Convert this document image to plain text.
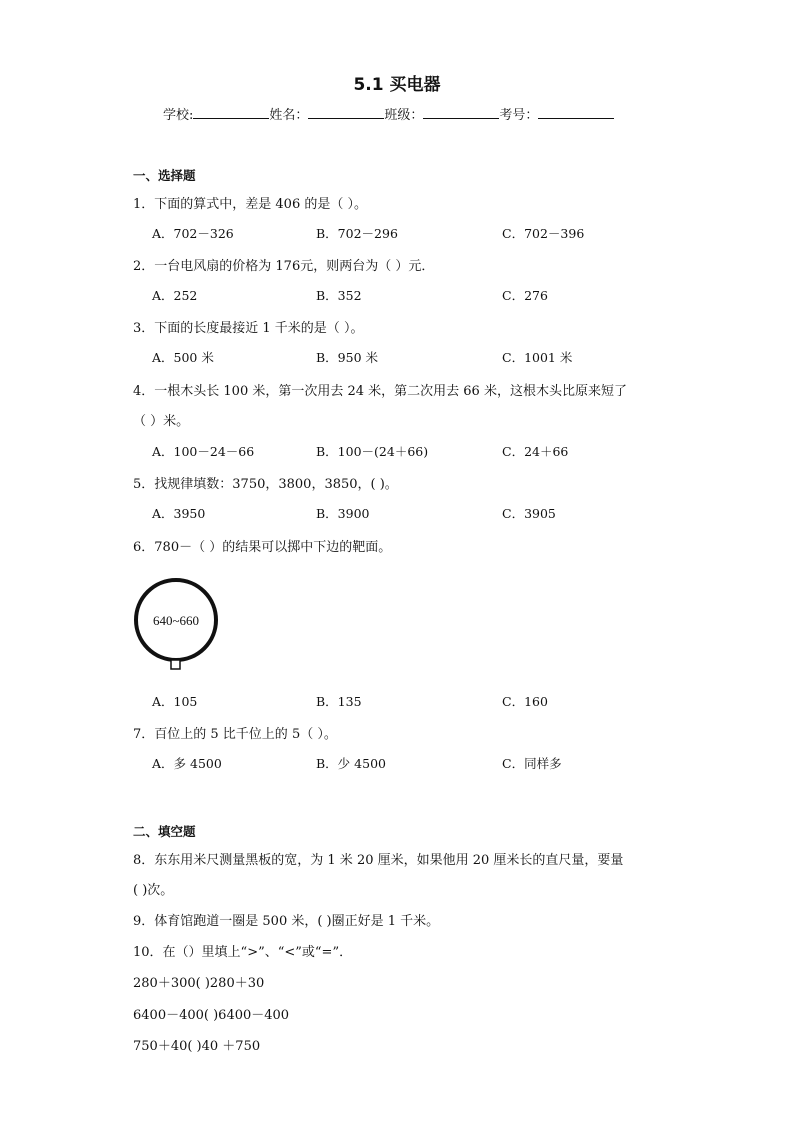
5.1 买电器
学校:	姓名：	班级：	考号：
一、选择题
1．下面的算式中，差是 406 的是（ ）。
A．702－326	B．702－296	C．702－396
2．一台电风扇的价格为 176元，则两台为（ ）元．
A．252	B．352	C．276
3．下面的长度最接近 1 千米的是（ ）。
A．500 米	B．950 米	C．1001 米
4．一根木头长 100 米，第一次用去 24 米，第二次用去 66 米，这根木头比原来短了
（ ）米。
A．100－24－66	B．100－(24＋66)	C．24＋66
5．找规律填数：3750，3800，3850，( )。
A．3950	B．3900	C．3905
6．780－（ ）的结果可以掷中下边的靶面。
640~660
A．105	B．135	C．160
7．百位上的 5 比千位上的 5（ ）。
A．多 4500	B．少 4500	C．同样多
二、填空题
8．东东用米尺测量黑板的宽，为 1 米 20 厘米，如果他用 20 厘米长的直尺量，要量
( )次。
9．体育馆跑道一圈是 500 米，( )圈正好是 1 千米。
10．在（）里填上“>”、“<”或“=”．
280＋300( )280＋30
6400－400( )6400－400
750＋40( )40 ＋750
